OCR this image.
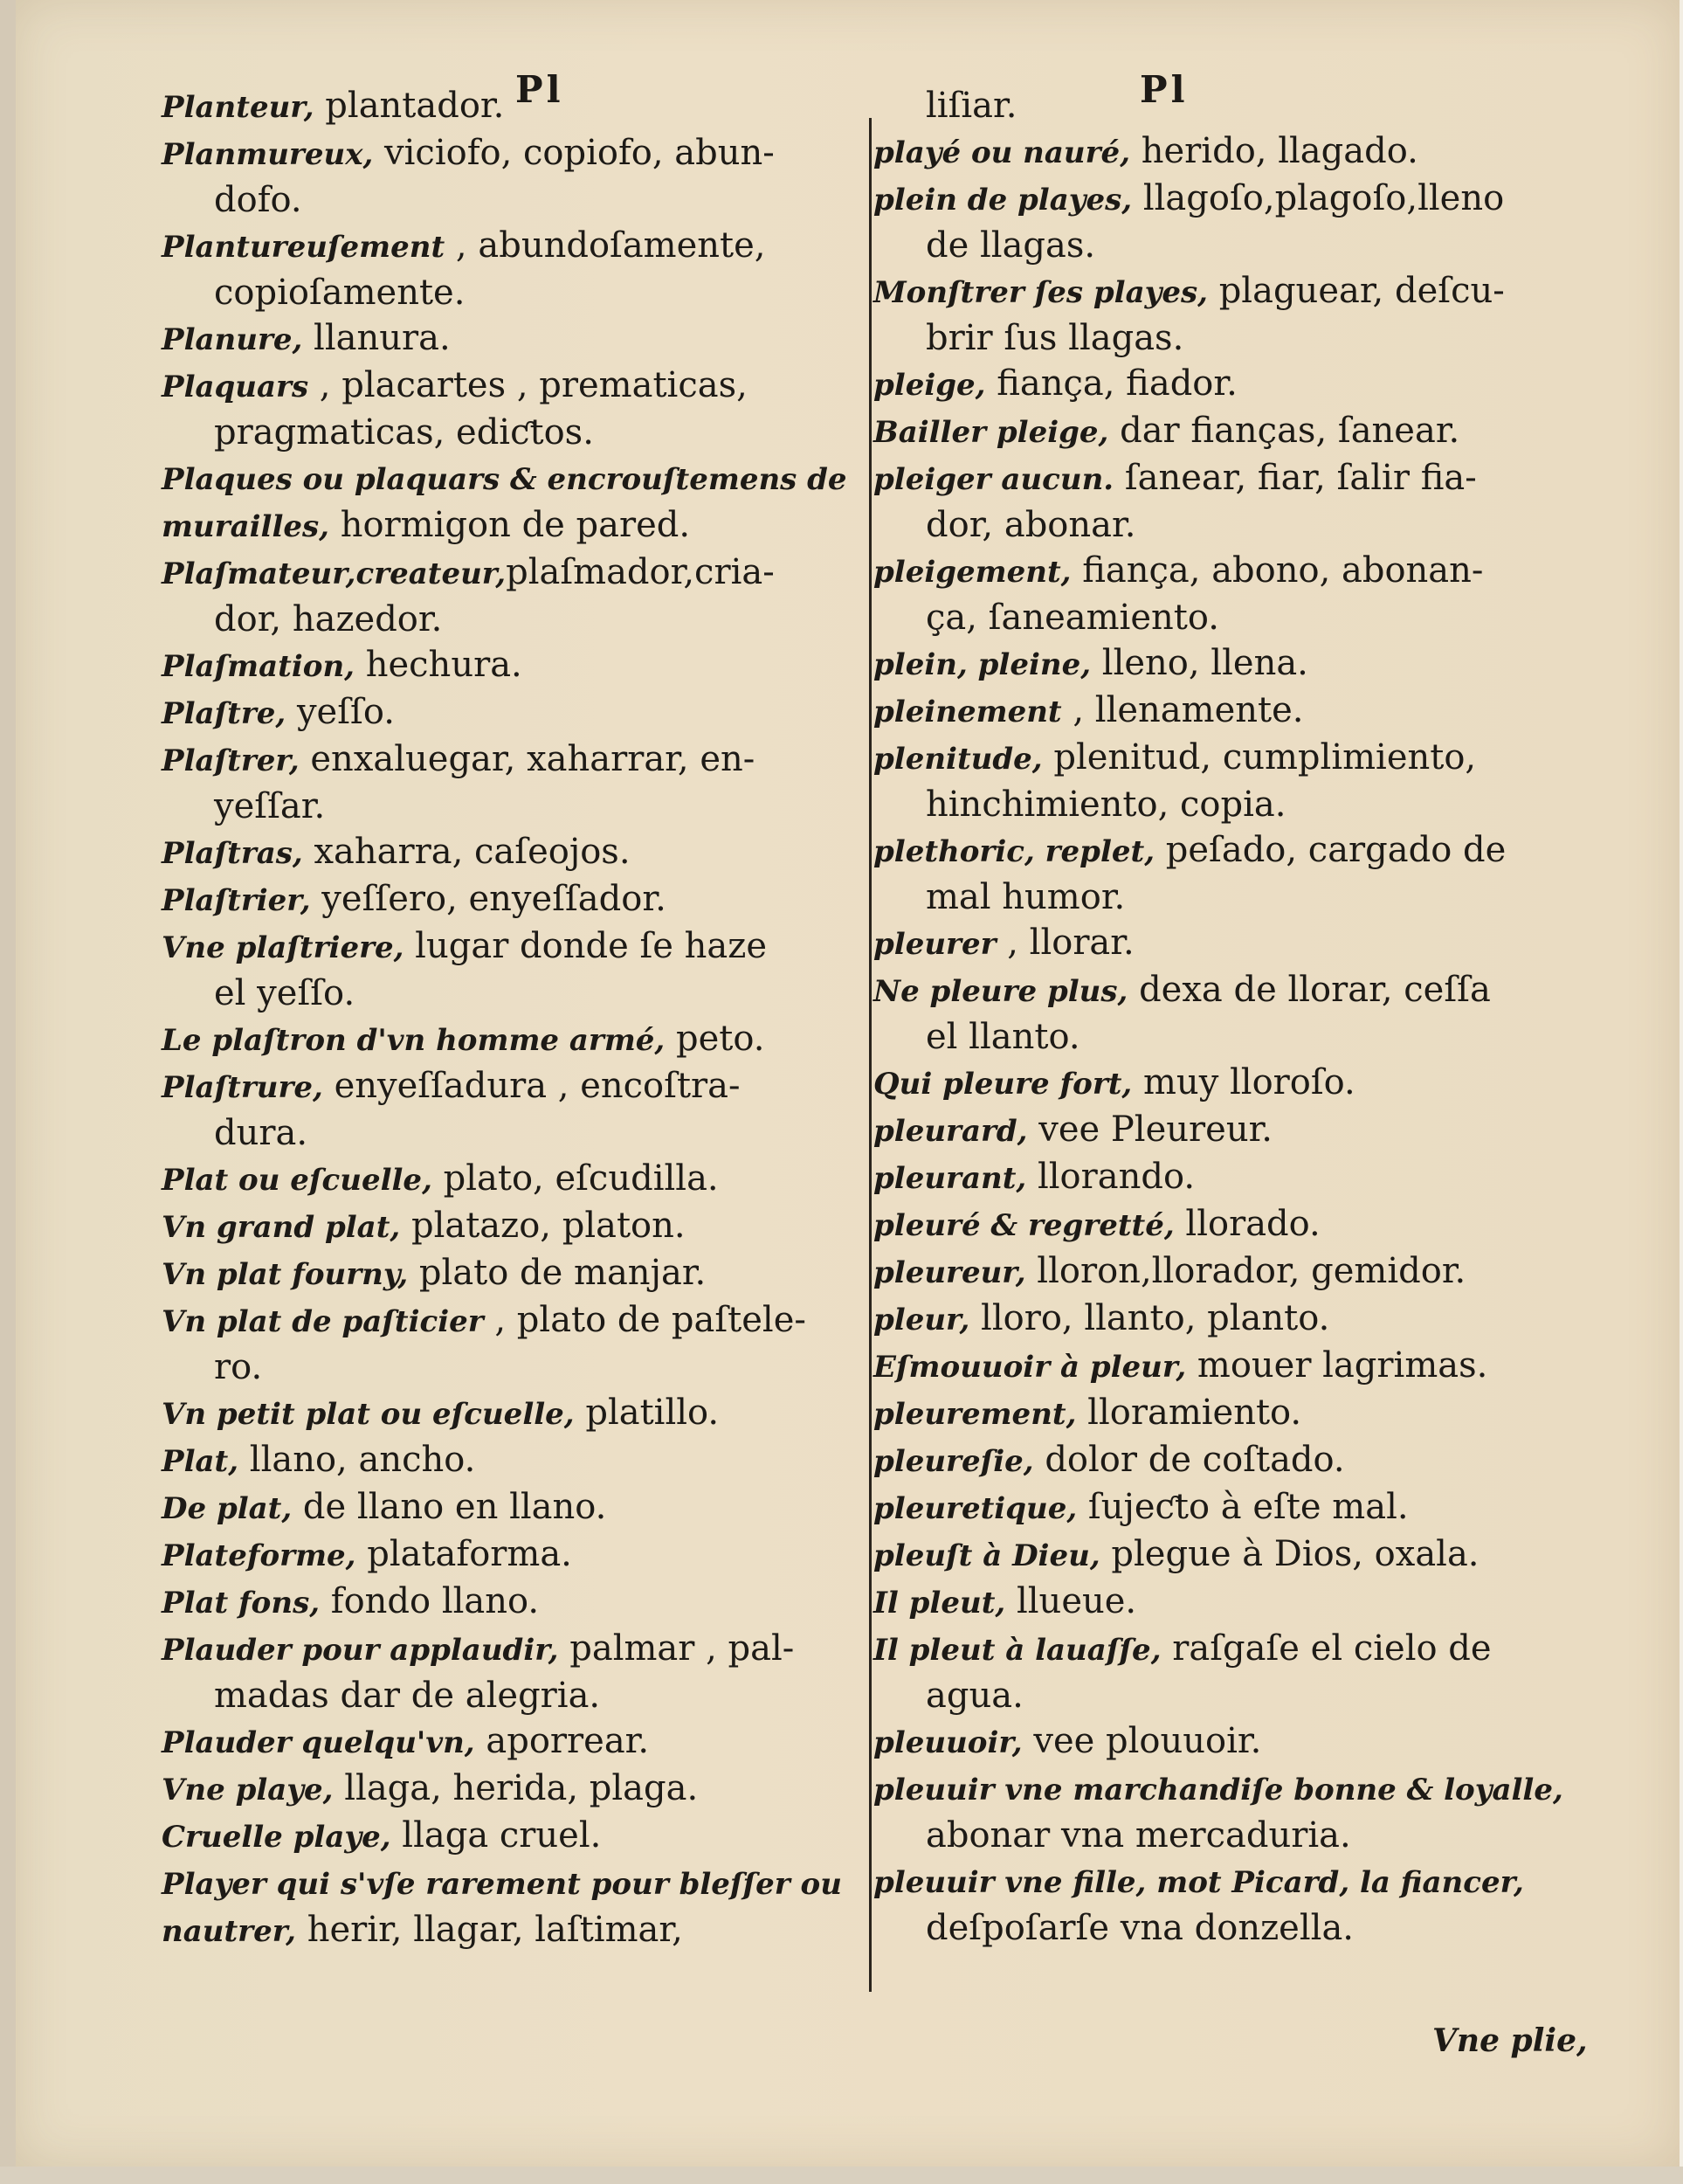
Pl	Pl
Planteur, plantador.
Planmureux, viciofo, copiofo, abun-
dofo.
Plantureuſement , abundoſamente,
copioſamente.
Planure, llanura.
Plaquars , placartes , prematicas,
pragmaticas, ediƈtos.
Plaques ou plaquars & encrouſtemens de
murailles, hormigon de pared.
Plaſmateur,createur,plaſmador,cria-
dor, hazedor.
Plaſmation, hechura.
Plaſtre, yeſſo.
Plaſtrer, enxaluegar, xaharrar, en-
yeſſar.
Plaſtras, xaharra, caſeojos.
Plaſtrier, yeſſero, enyeſſador.
Vne plaſtriere, lugar donde ſe haze
el yeſſo.
Le plaſtron d'vn homme armé, peto.
Plaſtrure, enyeſſadura , encoſtra-
dura.
Plat ou eſcuelle, plato, eſcudilla.
Vn grand plat, platazo, platon.
Vn plat fourny, plato de manjar.
Vn plat de paſticier , plato de paſtele-
ro.
Vn petit plat ou eſcuelle, platillo.
Plat, llano, ancho.
De plat, de llano en llano.
Plateforme, plataforma.
Plat fons, fondo llano.
Plauder pour applaudir, palmar , pal-
madas dar de alegria.
Plauder quelqu'vn, aporrear.
Vne playe, llaga, herida, plaga.
Cruelle playe, llaga cruel.
Player qui s'vſe rarement pour bleſſer ou
nautrer, herir, llagar, laſtimar,
liſiar.
playé ou nauré, herido, llagado.
plein de playes, llagoſo,plagoſo,lleno
de llagas.
Monſtrer ſes playes, plaguear, deſcu-
brir ſus llagas.
pleige, fiança, fiador.
Bailler pleige, dar fianças, ſanear.
pleiger aucun. ſanear, fiar, ſalir fia-
dor, abonar.
pleigement, fiança, abono, abonan-
ça, ſaneamiento.
plein, pleine, lleno, llena.
pleinement , llenamente.
plenitude, plenitud, cumplimiento,
hinchimiento, copia.
plethoric, replet, peſado, cargado de
mal humor.
pleurer , llorar.
Ne pleure plus, dexa de llorar, ceſſa
el llanto.
Qui pleure fort, muy lloroſo.
pleurard, vee Pleureur.
pleurant, llorando.
pleuré & regretté, llorado.
pleureur, lloron,llorador, gemidor.
pleur, lloro, llanto, planto.
Eſmouuoir à pleur, mouer lagrimas.
pleurement, lloramiento.
pleureſie, dolor de coſtado.
pleuretique, ſujeƈto à eſte mal.
pleuſt à Dieu, plegue à Dios, oxala.
Il pleut, llueue.
Il pleut à lauaſſe, raſgaſe el cielo de
agua.
pleuuoir, vee plouuoir.
pleuuir vne marchandiſe bonne & loyalle,
abonar vna mercaduria.
pleuuir vne fille, mot Picard, la fiancer,
deſpoſarſe vna donzella.
Vne plie,
